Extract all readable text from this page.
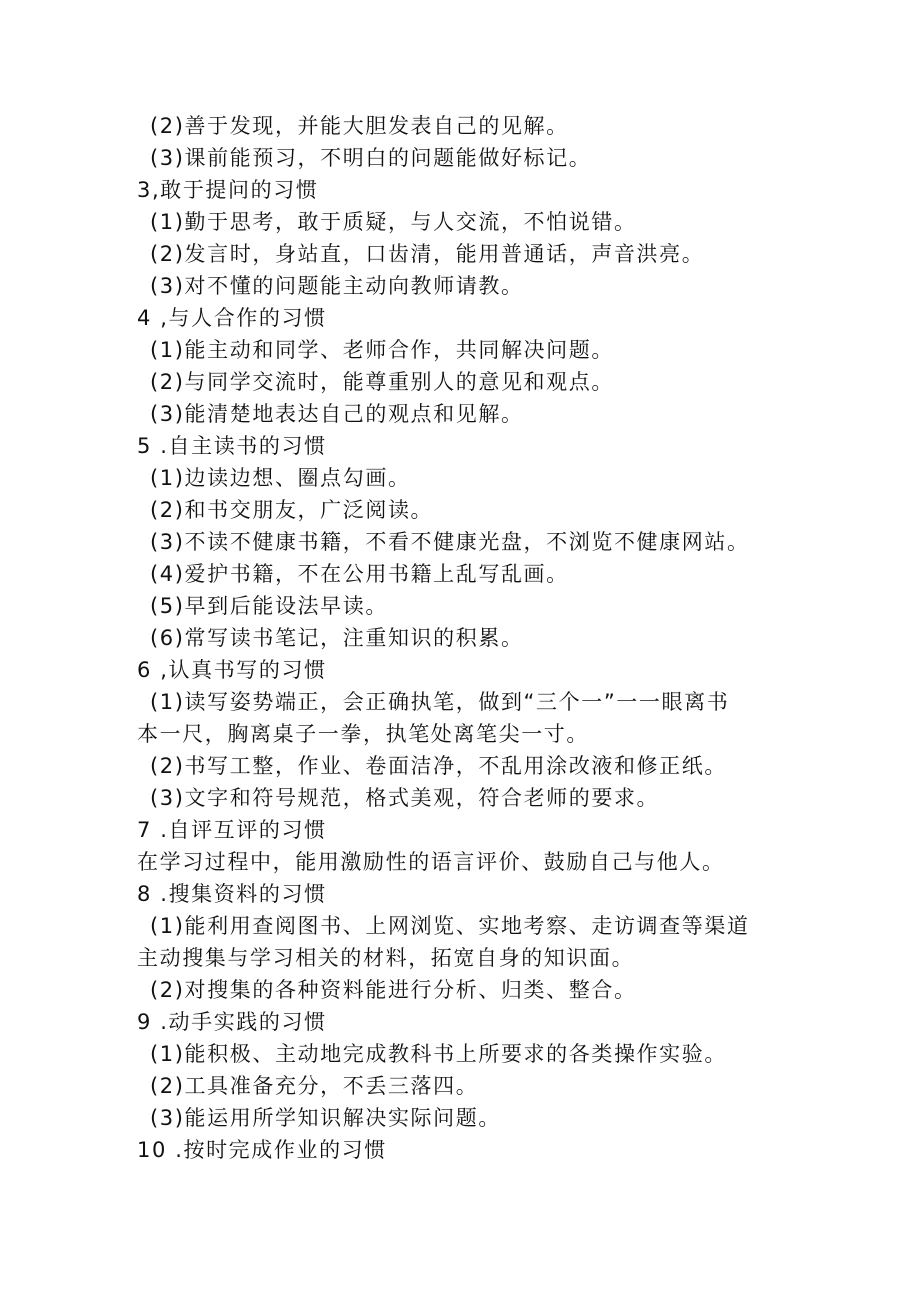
(2)善于发现，并能大胆发表自己的见解。
(3)课前能预习，不明白的问题能做好标记。
3,敢于提问的习惯
(1)勤于思考，敢于质疑，与人交流，不怕说错。
(2)发言时，身站直，口齿清，能用普通话，声音洪亮。
(3)对不懂的问题能主动向教师请教。
4 ,与人合作的习惯
(1)能主动和同学、老师合作，共同解决问题。
(2)与同学交流时，能尊重别人的意见和观点。
(3)能清楚地表达自己的观点和见解。
5 .自主读书的习惯
(1)边读边想、圈点勾画。
(2)和书交朋友，广泛阅读。
(3)不读不健康书籍，不看不健康光盘，不浏览不健康网站。
(4)爱护书籍，不在公用书籍上乱写乱画。
(5)早到后能设法早读。
(6)常写读书笔记，注重知识的积累。
6 ,认真书写的习惯
(1)读写姿势端正，会正确执笔，做到“三个一”一一眼离书
本一尺，胸离桌子一拳，执笔处离笔尖一寸。
(2)书写工整，作业、卷面洁净，不乱用涂改液和修正纸。
(3)文字和符号规范，格式美观，符合老师的要求。
7 .自评互评的习惯
在学习过程中，能用激励性的语言评价、鼓励自己与他人。
8 .搜集资料的习惯
(1)能利用查阅图书、上网浏览、实地考察、走访调查等渠道
主动搜集与学习相关的材料，拓宽自身的知识面。
(2)对搜集的各种资料能进行分析、归类、整合。
9 .动手实践的习惯
(1)能积极、主动地完成教科书上所要求的各类操作实验。
(2)工具准备充分，不丢三落四。
(3)能运用所学知识解决实际问题。
10 .按时完成作业的习惯
